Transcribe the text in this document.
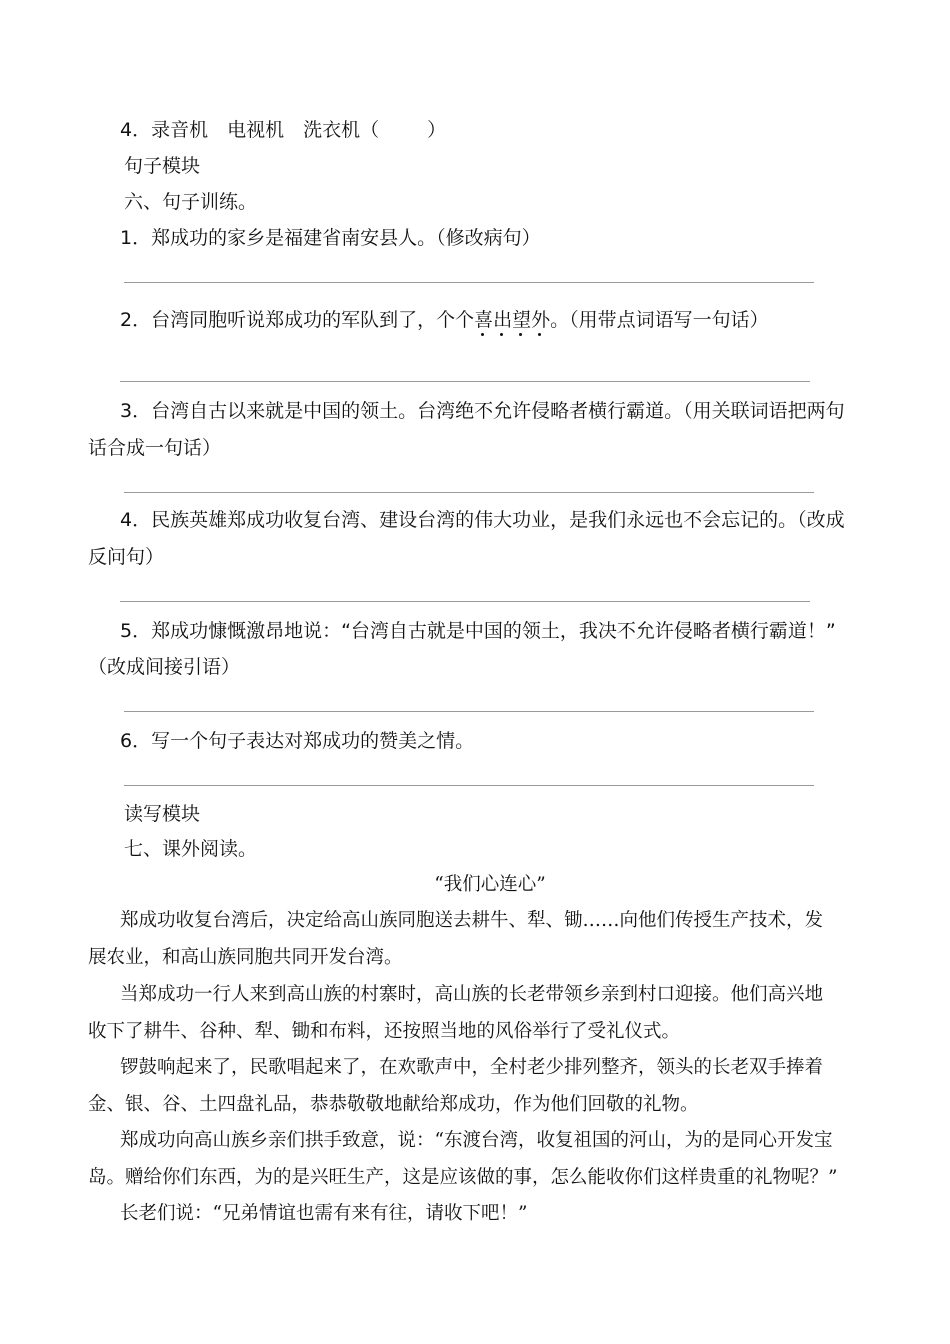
4．录音机　电视机　洗衣机（	）
句子模块
六、句子训练。
1．郑成功的家乡是福建省南安县人。（修改病句）
2．台湾同胞听说郑成功的军队到了，个个喜出望外。（用带点词语写一句话）
3．台湾自古以来就是中国的领土。台湾绝不允许侵略者横行霸道。（用关联词语把两句
话合成一句话）
4．民族英雄郑成功收复台湾、建设台湾的伟大功业，是我们永远也不会忘记的。（改成
反问句）
5．郑成功慷慨激昂地说：“台湾自古就是中国的领土，我决不允许侵略者横行霸道！”
（改成间接引语）
6．写一个句子表达对郑成功的赞美之情。
读写模块
七、课外阅读。
“我们心连心”
郑成功收复台湾后，决定给高山族同胞送去耕牛、犁、锄……向他们传授生产技术，发
展农业，和高山族同胞共同开发台湾。
当郑成功一行人来到高山族的村寨时，高山族的长老带领乡亲到村口迎接。他们高兴地
收下了耕牛、谷种、犁、锄和布料，还按照当地的风俗举行了受礼仪式。
锣鼓响起来了，民歌唱起来了，在欢歌声中，全村老少排列整齐，领头的长老双手捧着
金、银、谷、土四盘礼品，恭恭敬敬地献给郑成功，作为他们回敬的礼物。
郑成功向高山族乡亲们拱手致意，说：“东渡台湾，收复祖国的河山，为的是同心开发宝
岛。赠给你们东西，为的是兴旺生产，这是应该做的事，怎么能收你们这样贵重的礼物呢？”
长老们说：“兄弟情谊也需有来有往，请收下吧！”
